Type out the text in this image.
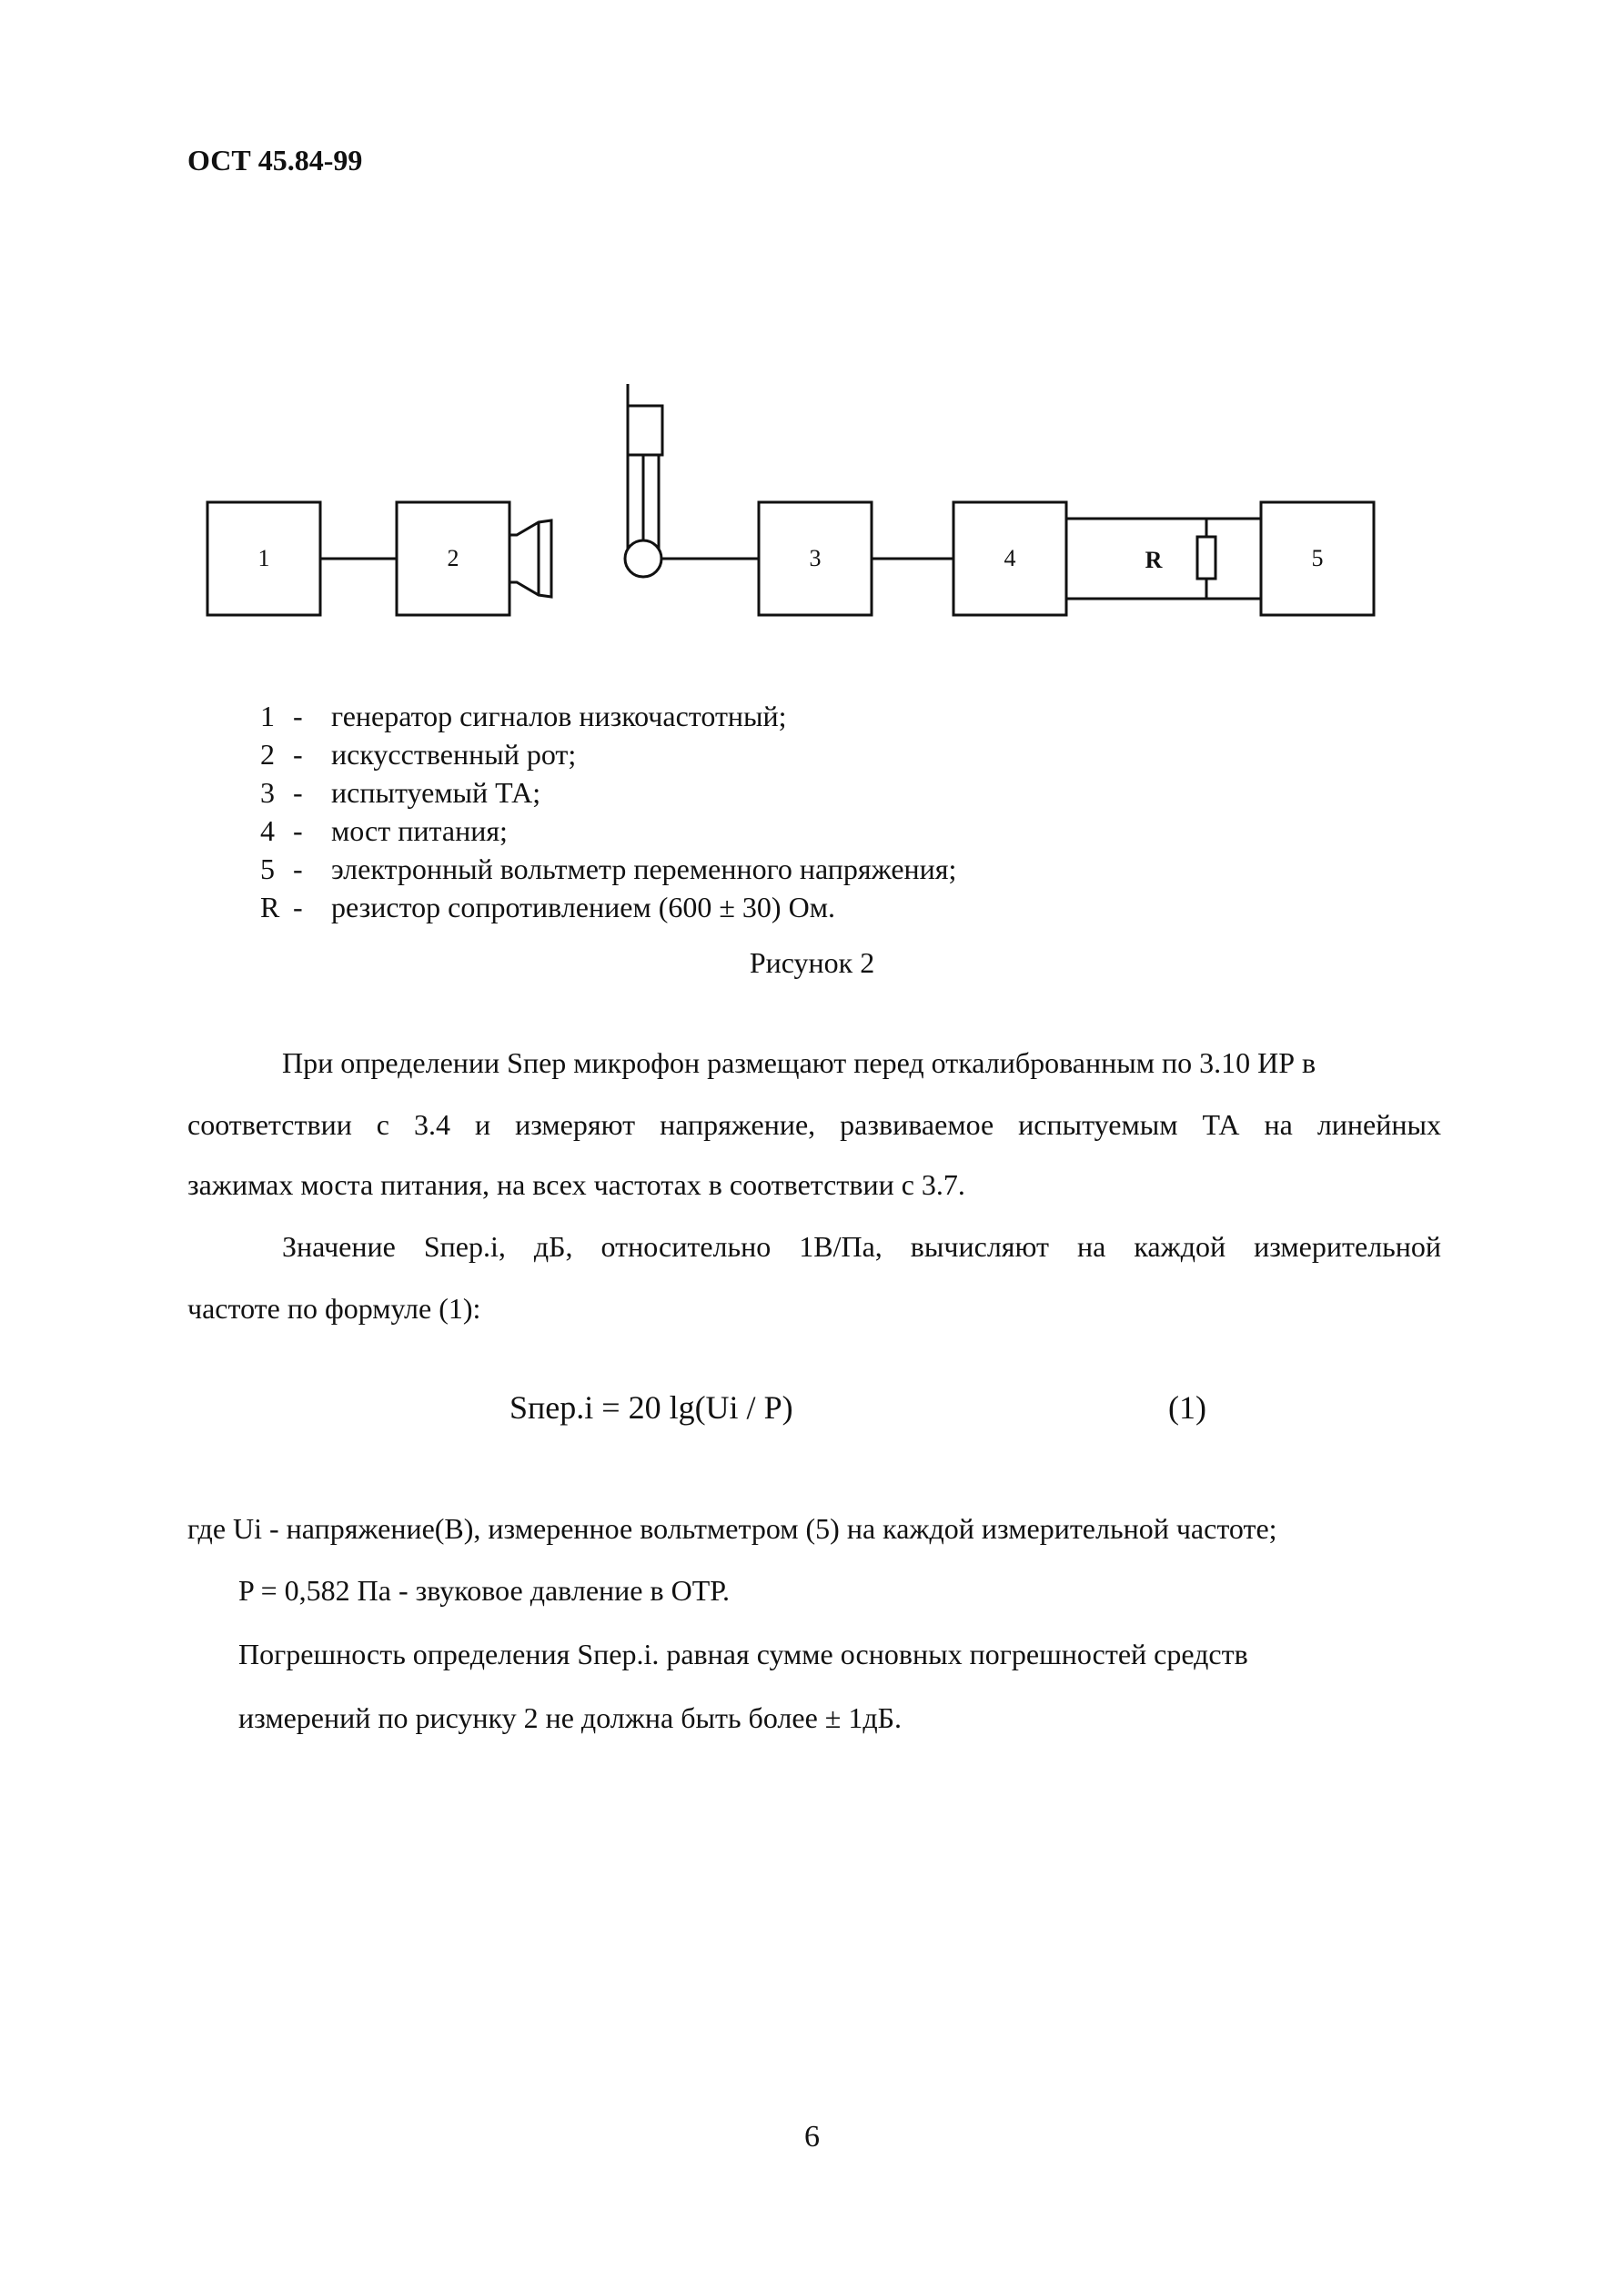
ОСТ 45.84-99
1	2	3	4	R	5
1 - генератор сигналов низкочастотный;
2 - искусственный рот;
3 - испытуемый ТА;
4 - мост питания;
5 - электронный вольтметр переменного напряжения;
R - резистор сопротивлением (600 ± 30) Ом.
Рисунок 2
При определении Sпер микрофон размещают перед откалиброванным по 3.10 ИР в
соответствии с 3.4 и измеряют напряжение, развиваемое испытуемым ТА на линейных
зажимах моста питания, на всех частотах в соответствии с 3.7.
Значение Sпер.i, дБ, относительно 1В/Па, вычисляют на каждой измерительной
частоте по формуле (1):
Sпер.i = 20 lg(Ui / P)	(1)
где Ui - напряжение(В), измеренное вольтметром (5) на каждой измерительной частоте;
P = 0,582 Па - звуковое давление в ОТР.
Погрешность определения Sпер.i. равная сумме основных погрешностей средств
измерений по рисунку 2 не должна быть более ± 1дБ.
6
